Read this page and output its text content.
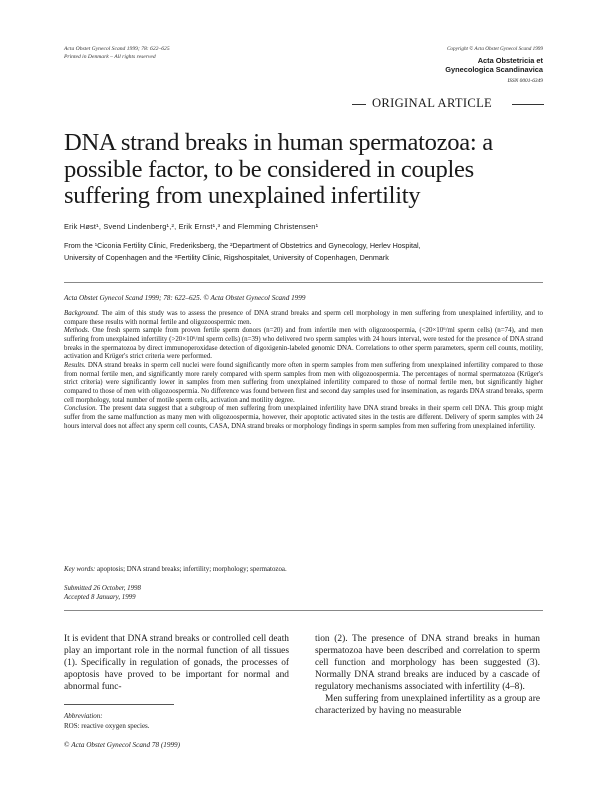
Acta Obstet Gynecol Scand 1999; 78: 622–625
Printed in Denmark – All rights reserved
Copyright © Acta Obstet Gynecol Scand 1999
Acta Obstetricia et
Gynecologica Scandinavica
ISSN 0001-6349
ORIGINAL ARTICLE
DNA strand breaks in human spermatozoa: a possible factor, to be considered in couples suffering from unexplained infertility
Erik Høst¹, Svend Lindenberg¹,², Erik Ernst¹,³ and Flemming Christensen¹
From the ¹Ciconia Fertility Clinic, Frederiksberg, the ²Department of Obstetrics and Gynecology, Herlev Hospital,
University of Copenhagen and the ³Fertility Clinic, Rigshospitalet, University of Copenhagen, Denmark
Acta Obstet Gynecol Scand 1999; 78: 622–625. © Acta Obstet Gynecol Scand 1999

Background. The aim of this study was to assess the presence of DNA strand breaks and sperm cell morphology in men suffering from unexplained infertility, and to compare these results with normal fertile and oligozoospermic men.

Methods. One fresh sperm sample from proven fertile sperm donors (n=20) and from infertile men with oligozoospermia, (<20×10⁶/ml sperm cells) (n=74), and men suffering from unexplained infertility (>20×10⁶/ml sperm cells) (n=39) who delivered two sperm samples with 24 hours interval, were tested for the presence of DNA strand breaks in the spermatozoa by direct immunoperoxidase detection of digoxigenin-labeled genomic DNA. Correlations to other sperm parameters, sperm cell counts, motility, activation and Krüger's strict criteria were performed.

Results. DNA strand breaks in sperm cell nuclei were found significantly more often in sperm samples from men suffering from unexplained infertility compared to those from normal fertile men, and significantly more rarely compared with sperm samples from men with oligozoospermia. The percentages of normal spermatozoa (Krüger's strict criteria) were significantly lower in samples from men suffering from unexplained infertility compared to those of normal fertile men, but significantly higher compared to those of men with oligozoospermia. No difference was found between first and second day samples used for insemination, as regards DNA strand breaks, sperm cell morphology, total number of motile sperm cells, activation and motility degree.

Conclusion. The present data suggest that a subgroup of men suffering from unexplained infertility have DNA strand breaks in their sperm cell DNA. This group might suffer from the same malfunction as many men with oligozoospermia, however, their apoptotic activated sites in the testis are different. Delivery of sperm samples with 24 hours interval does not affect any sperm cell counts, CASA, DNA strand breaks or morphology findings in sperm samples from men suffering from unexplained infertility.

Key words: apoptosis; DNA strand breaks; infertility; morphology; spermatozoa.
Submitted 26 October, 1998
Accepted 8 January, 1999

It is evident that DNA strand breaks or controlled cell death play an important role in the normal function of all tissues (1). Specifically in regulation of gonads, the processes of apoptosis have proved to be important for normal and abnormal func-

tion (2). The presence of DNA strand breaks in human spermatozoa have been described and correlation to sperm cell function and morphology has been suggested (3). Normally DNA strand breaks are induced by a cascade of regulatory mechanisms associated with infertility (4–8).

Men suffering from unexplained infertility as a group are characterized by having no measurable

Abbreviation:
ROS: reactive oxygen species.
© Acta Obstet Gynecol Scand 78 (1999)
